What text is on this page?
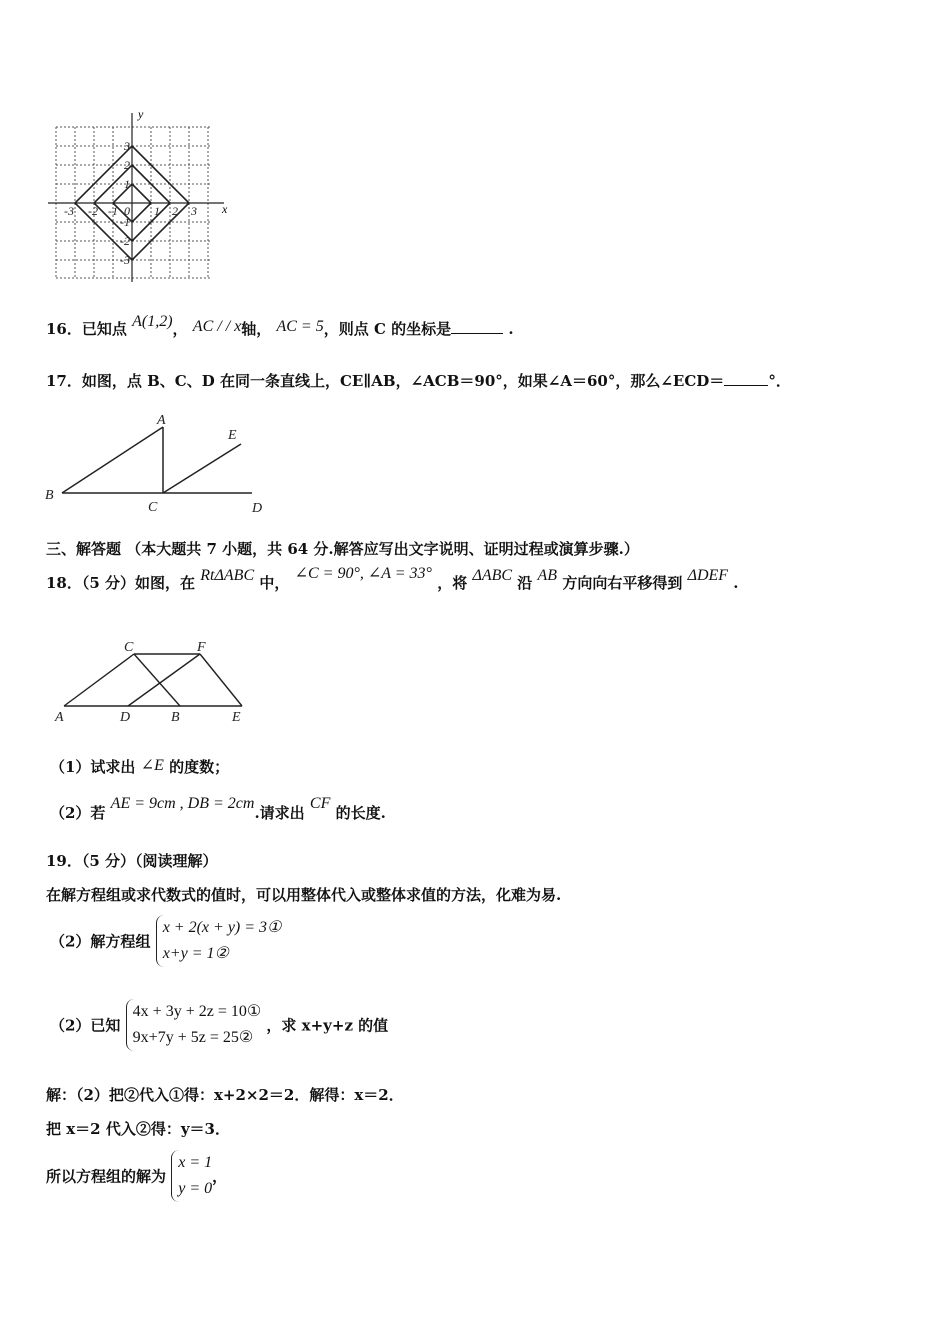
x
y
-3 -2 -1 0 1 2 3
3
2
1
-1
-2
-3
16．已知点 A(1,2)， AC / / x轴， AC = 5，则点 C 的坐标是	.
17．如图，点 B、C、D 在同一条直线上，CE∥AB，∠ACB＝90°，如果∠A＝60°，那么∠ECD＝	°．
A
E
B
C	D
三、解答题 （本大题共 7 小题，共 64 分.解答应写出文字说明、证明过程或演算步骤.）
18．（5 分）如图，在 RtΔABC 中， ∠C = 90°, ∠A = 33° ，将 ΔABC 沿 AB 方向向右平移得到 ΔDEF .
C	F
A	D	B	E
（1）试求出 ∠E 的度数；
（2）若 AE = 9cm , DB = 2cm.请求出 CF 的长度.
19．（5 分）（阅读理解）
在解方程组或求代数式的值时，可以用整体代入或整体求值的方法，化难为易.
（2）解方程组
x + 2(x + y) = 3①
x+y = 1②
（2）已知
4x + 3y + 2z = 10①
9x+7y + 5z = 25②
，求 x+y+z 的值
解：（2）把②代入①得：x+2×2＝2．解得：x＝2．
把 x＝2 代入②得：y＝3．
所以方程组的解为
x = 1
y = 0
，
